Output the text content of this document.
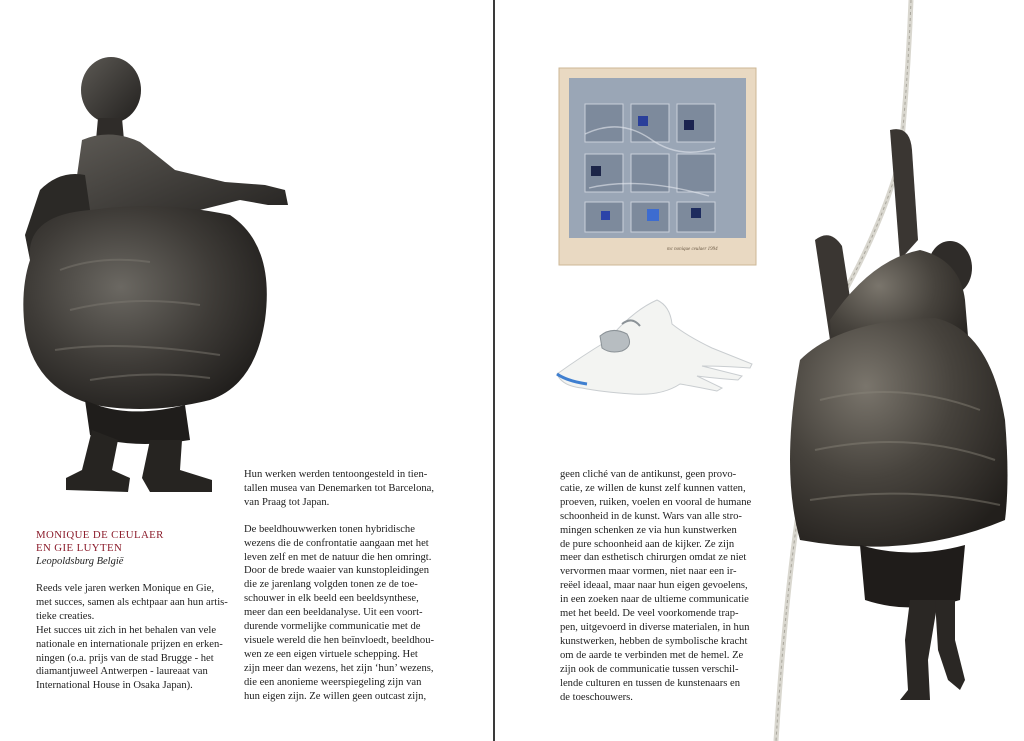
MONIQUE DE CEULAER
EN GIE LUYTEN
Leopoldsburg België

Reeds vele jaren werken Monique en Gie,

met succes, samen als echtpaar aan hun artis-

tieke creaties.

Het succes uit zich in het behalen van vele

nationale en internationale prijzen en erken-

ningen (o.a. prijs van de stad Brugge - het

diamantjuweel Antwerpen - laureaat van

International House in Osaka Japan).

Hun werken werden tentoongesteld in tien-

tallen musea van Denemarken tot Barcelona,

van Praag tot Japan.

De beeldhouwwerken tonen hybridische

wezens die de confrontatie aangaan met het

leven zelf en met de natuur die hen omringt.

Door de brede waaier van kunstopleidingen

die ze jarenlang volgden tonen ze de toe-

schouwer in elk beeld een beeldsynthese,

meer dan een beeldanalyse. Uit een voort-

durende vormelijke communicatie met de

visuele wereld die hen beïnvloedt, beeldhou-

wen ze een eigen virtuele schepping. Het

zijn meer dan wezens, het zijn ‘hun’ wezens,

die een anonieme weerspiegeling zijn van

hun eigen zijn. Ze willen geen outcast zijn,

mc nonique ceulaer 1994

geen cliché van de antikunst, geen provo-

catie, ze willen de kunst zelf kunnen vatten,

proeven, ruiken, voelen en vooral de humane

schoonheid in de kunst. Wars van alle stro-

mingen schenken ze via hun kunstwerken

de pure schoonheid aan de kijker. Ze zijn

meer dan esthetisch chirurgen omdat ze niet

vervormen maar vormen, niet naar een ir-

reëel ideaal, maar naar hun eigen gevoelens,

in een zoeken naar de ultieme communicatie

met het beeld. De veel voorkomende trap-

pen, uitgevoerd in diverse materialen, in hun

kunstwerken, hebben de symbolische kracht

om de aarde te verbinden met de hemel. Ze

zijn ook de communicatie tussen verschil-

lende culturen en tussen de kunstenaars en

de toeschouwers.
